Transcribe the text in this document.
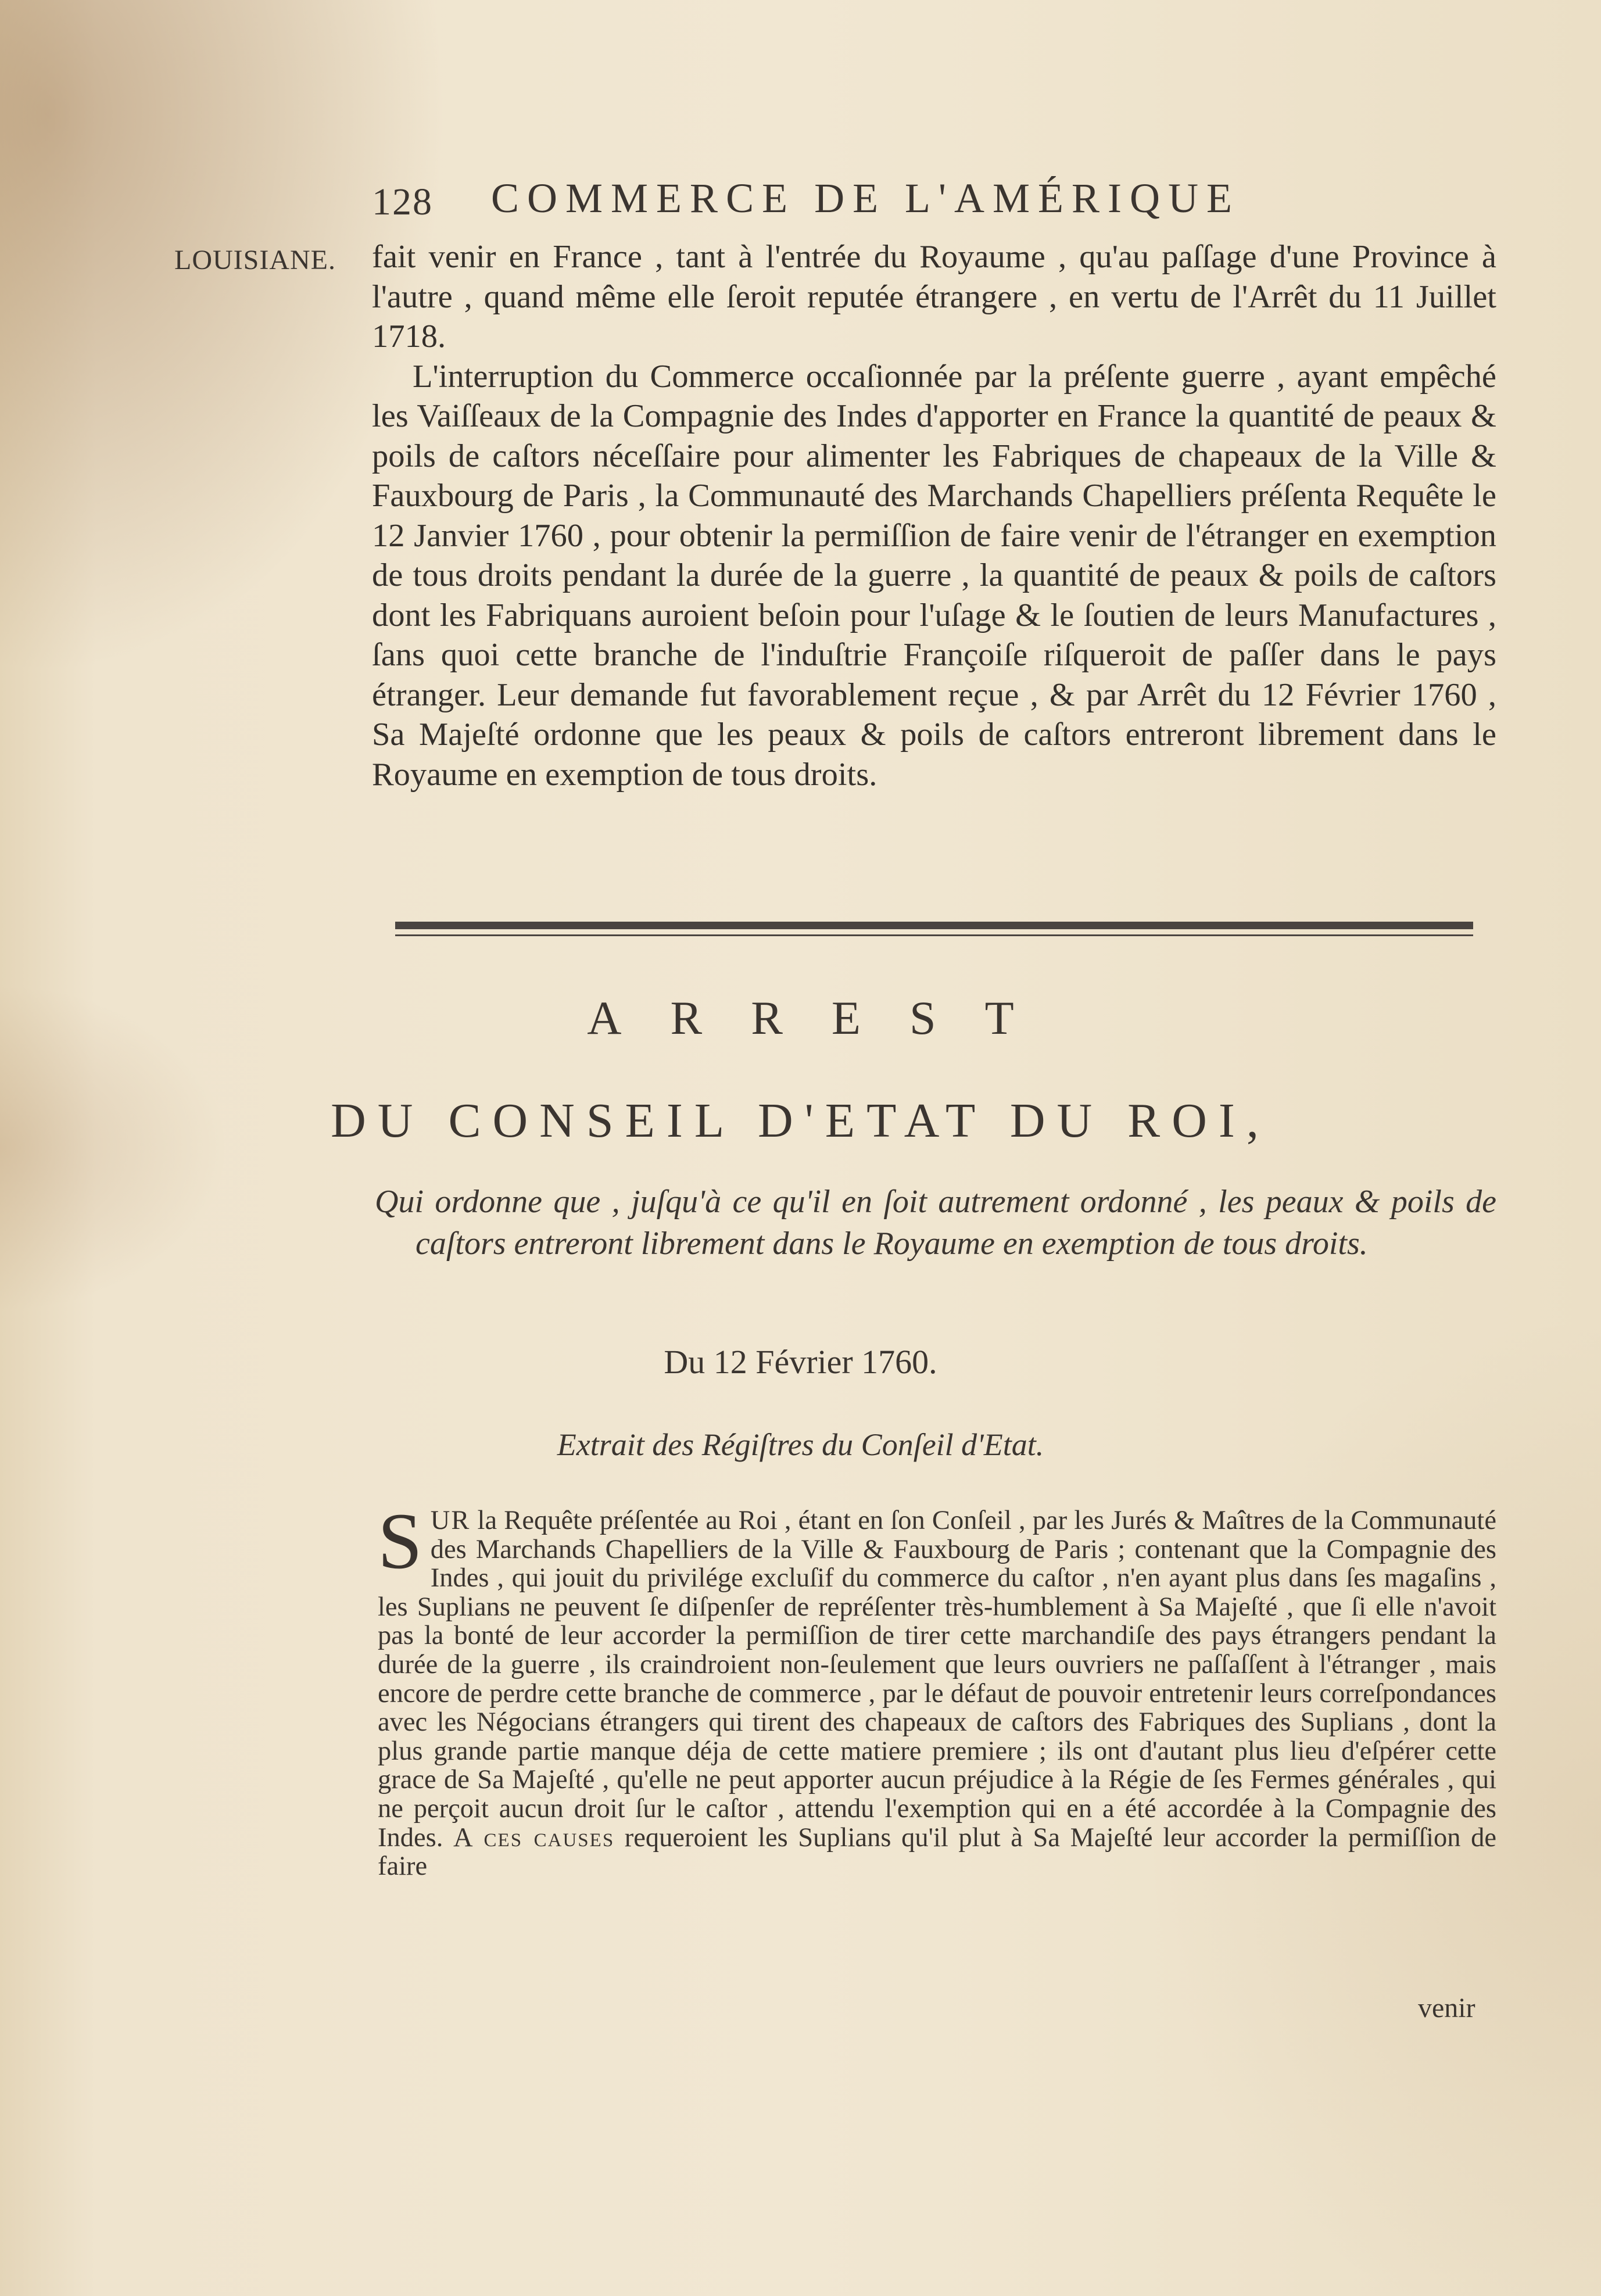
128 COMMERCE DE L'AMÉRIQUE
LOUISIANE. fait venir en France , tant à l'entrée du Royaume , qu'au paſſage d'une Province à l'autre , quand même elle ſeroit reputée étrangere , en vertu de l'Arrêt du 11 Juillet 1718.

L'interruption du Commerce occaſionnée par la préſente guerre , ayant empêché les Vaiſſeaux de la Compagnie des Indes d'apporter en France la quantité de peaux & poils de caſtors néceſſaire pour alimenter les Fabriques de chapeaux de la Ville & Fauxbourg de Paris , la Communauté des Marchands Chapelliers préſenta Requête le 12 Janvier 1760 , pour obtenir la permiſſion de faire venir de l'étranger en exemption de tous droits pendant la durée de la guerre , la quantité de peaux & poils de caſtors dont les Fabriquans auroient beſoin pour l'uſage & le ſoutien de leurs Manufactures , ſans quoi cette branche de l'induſtrie Françoiſe riſqueroit de paſſer dans le pays étranger. Leur demande fut favorablement reçue , & par Arrêt du 12 Février 1760 , Sa Majeſté ordonne que les peaux & poils de caſtors entreront librement dans le Royaume en exemption de tous droits.

ARREST
DU CONSEIL D'ETAT DU ROI,
Qui ordonne que , juſqu'à ce qu'il en ſoit autrement ordonné , les peaux & poils de caſtors entreront librement dans le Royaume en exemption de tous droits.
Du 12 Février 1760.
Extrait des Régiſtres du Conſeil d'Etat.
SUR la Requête préſentée au Roi , étant en ſon Conſeil , par les Jurés & Maîtres de la Communauté des Marchands Chapelliers de la Ville & Fauxbourg de Paris ; contenant que la Compagnie des Indes , qui jouit du privilége excluſif du commerce du caſtor , n'en ayant plus dans ſes magaſins , les Suplians ne peuvent ſe diſpenſer de repréſenter très-humblement à Sa Majeſté , que ſi elle n'avoit pas la bonté de leur accorder la permiſſion de tirer cette marchandiſe des pays étrangers pendant la durée de la guerre , ils craindroient non-ſeulement que leurs ouvriers ne paſſaſſent à l'étranger , mais encore de perdre cette branche de commerce , par le défaut de pouvoir entretenir leurs correſpondances avec les Négocians étrangers qui tirent des chapeaux de caſtors des Fabriques des Suplians , dont la plus grande partie manque déja de cette matiere premiere ; ils ont d'autant plus lieu d'eſpérer cette grace de Sa Majeſté , qu'elle ne peut apporter aucun préjudice à la Régie de ſes Fermes générales , qui ne perçoit aucun droit ſur le caſtor , attendu l'exemption qui en a été accordée à la Compagnie des Indes. A ces causes requeroient les Suplians qu'il plut à Sa Majeſté leur accorder la permiſſion de faire
venir
